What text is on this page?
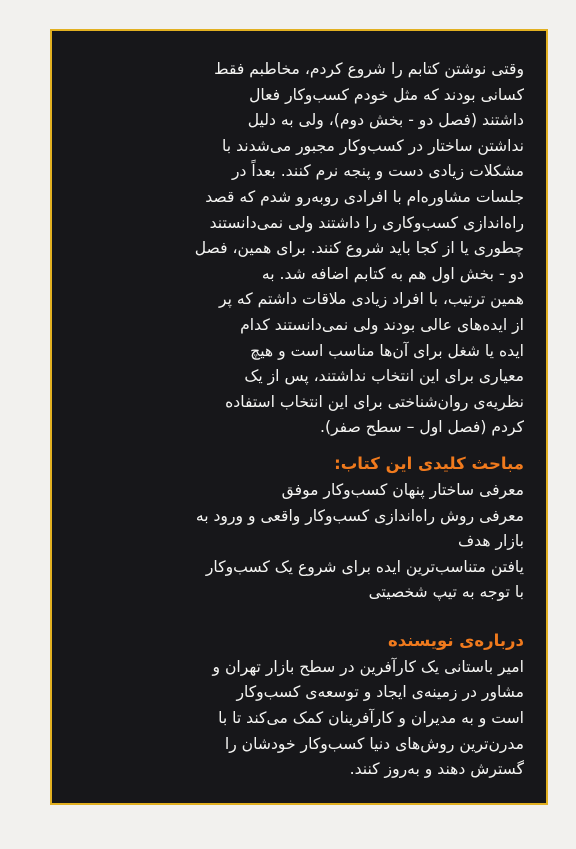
وقتی نوشتن کتابم را شروع کردم، مخاطبم فقط
کسانی بودند که مثل خودم کسب‌وکار فعال
داشتند (فصل دو - بخش دوم)، ولی به دلیل
نداشتن ساختار در کسب‌وکار مجبور می‌شدند با
مشکلات زیادی دست و پنجه نرم کنند. بعداً در
جلسات مشاوره‌ام با افرادی روبه‌رو شدم که قصد
راه‌اندازی کسب‌وکاری را داشتند ولی نمی‌دانستند
چطوری یا از کجا باید شروع کنند. برای همین، فصل
دو - بخش اول هم به کتابم اضافه شد. به
همین ترتیب، با افراد زیادی ملاقات داشتم که پر
از ایده‌های عالی بودند ولی نمی‌دانستند کدام
ایده یا شغل برای آن‌ها مناسب است و هیچ
معیاری برای این انتخاب نداشتند، پس از یک
نظریه‌ی روان‌شناختی برای این انتخاب استفاده
کردم (فصل اول – سطح صفر).

مباحث کلیدی این کتاب:
معرفی ساختار پنهان کسب‌وکار موفق
معرفی روش راه‌اندازی کسب‌وکار واقعی و ورود به
بازار هدف
یافتن متناسب‌ترین ایده برای شروع یک کسب‌وکار
با توجه به تیپ شخصیتی
درباره‌ی نویسنده

امیر باستانی یک کارآفرین در سطح بازار تهران و
مشاور در زمینه‌ی ایجاد و توسعه‌ی کسب‌وکار
است و به مدیران و کارآفرینان کمک می‌کند تا با
مدرن‌ترین روش‌های دنیا کسب‌وکار خودشان را
گسترش دهند و به‌روز کنند.
